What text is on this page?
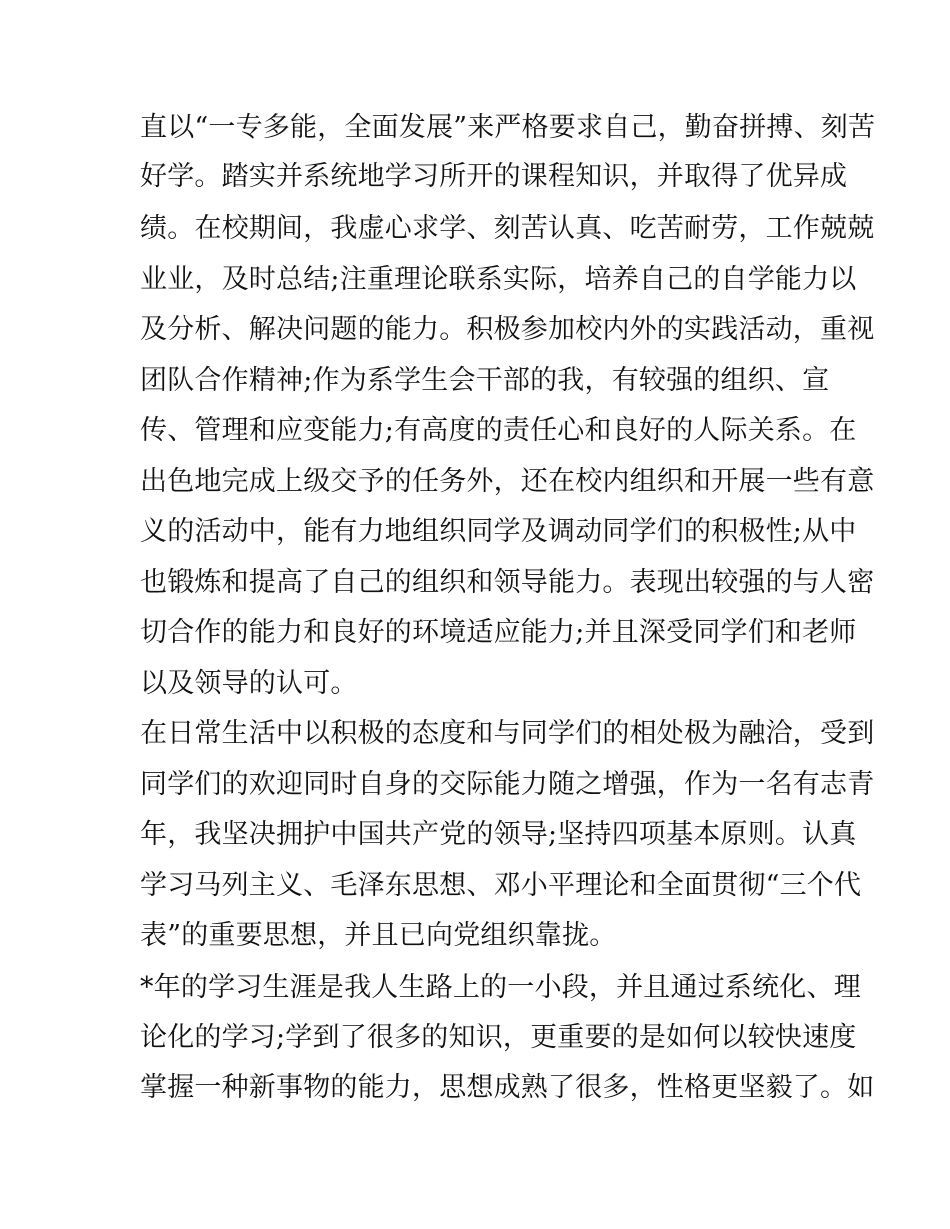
直以“一专多能，全面发展”来严格要求自己，勤奋拼搏、刻苦
好学。踏实并系统地学习所开的课程知识，并取得了优异成
绩。在校期间，我虚心求学、刻苦认真、吃苦耐劳，工作兢兢
业业，及时总结;注重理论联系实际，培养自己的自学能力以
及分析、解决问题的能力。积极参加校内外的实践活动，重视
团队合作精神;作为系学生会干部的我，有较强的组织、宣
传、管理和应变能力;有高度的责任心和良好的人际关系。在
出色地完成上级交予的任务外，还在校内组织和开展一些有意
义的活动中，能有力地组织同学及调动同学们的积极性;从中
也锻炼和提高了自己的组织和领导能力。表现出较强的与人密
切合作的能力和良好的环境适应能力;并且深受同学们和老师
以及领导的认可。
在日常生活中以积极的态度和与同学们的相处极为融洽，受到
同学们的欢迎同时自身的交际能力随之增强，作为一名有志青
年，我坚决拥护中国共产党的领导;坚持四项基本原则。认真
学习马列主义、毛泽东思想、邓小平理论和全面贯彻“三个代
表”的重要思想，并且已向党组织靠拢。
*年的学习生涯是我人生路上的一小段，并且通过系统化、理
论化的学习;学到了很多的知识，更重要的是如何以较快速度
掌握一种新事物的能力，思想成熟了很多，性格更坚毅了。如
